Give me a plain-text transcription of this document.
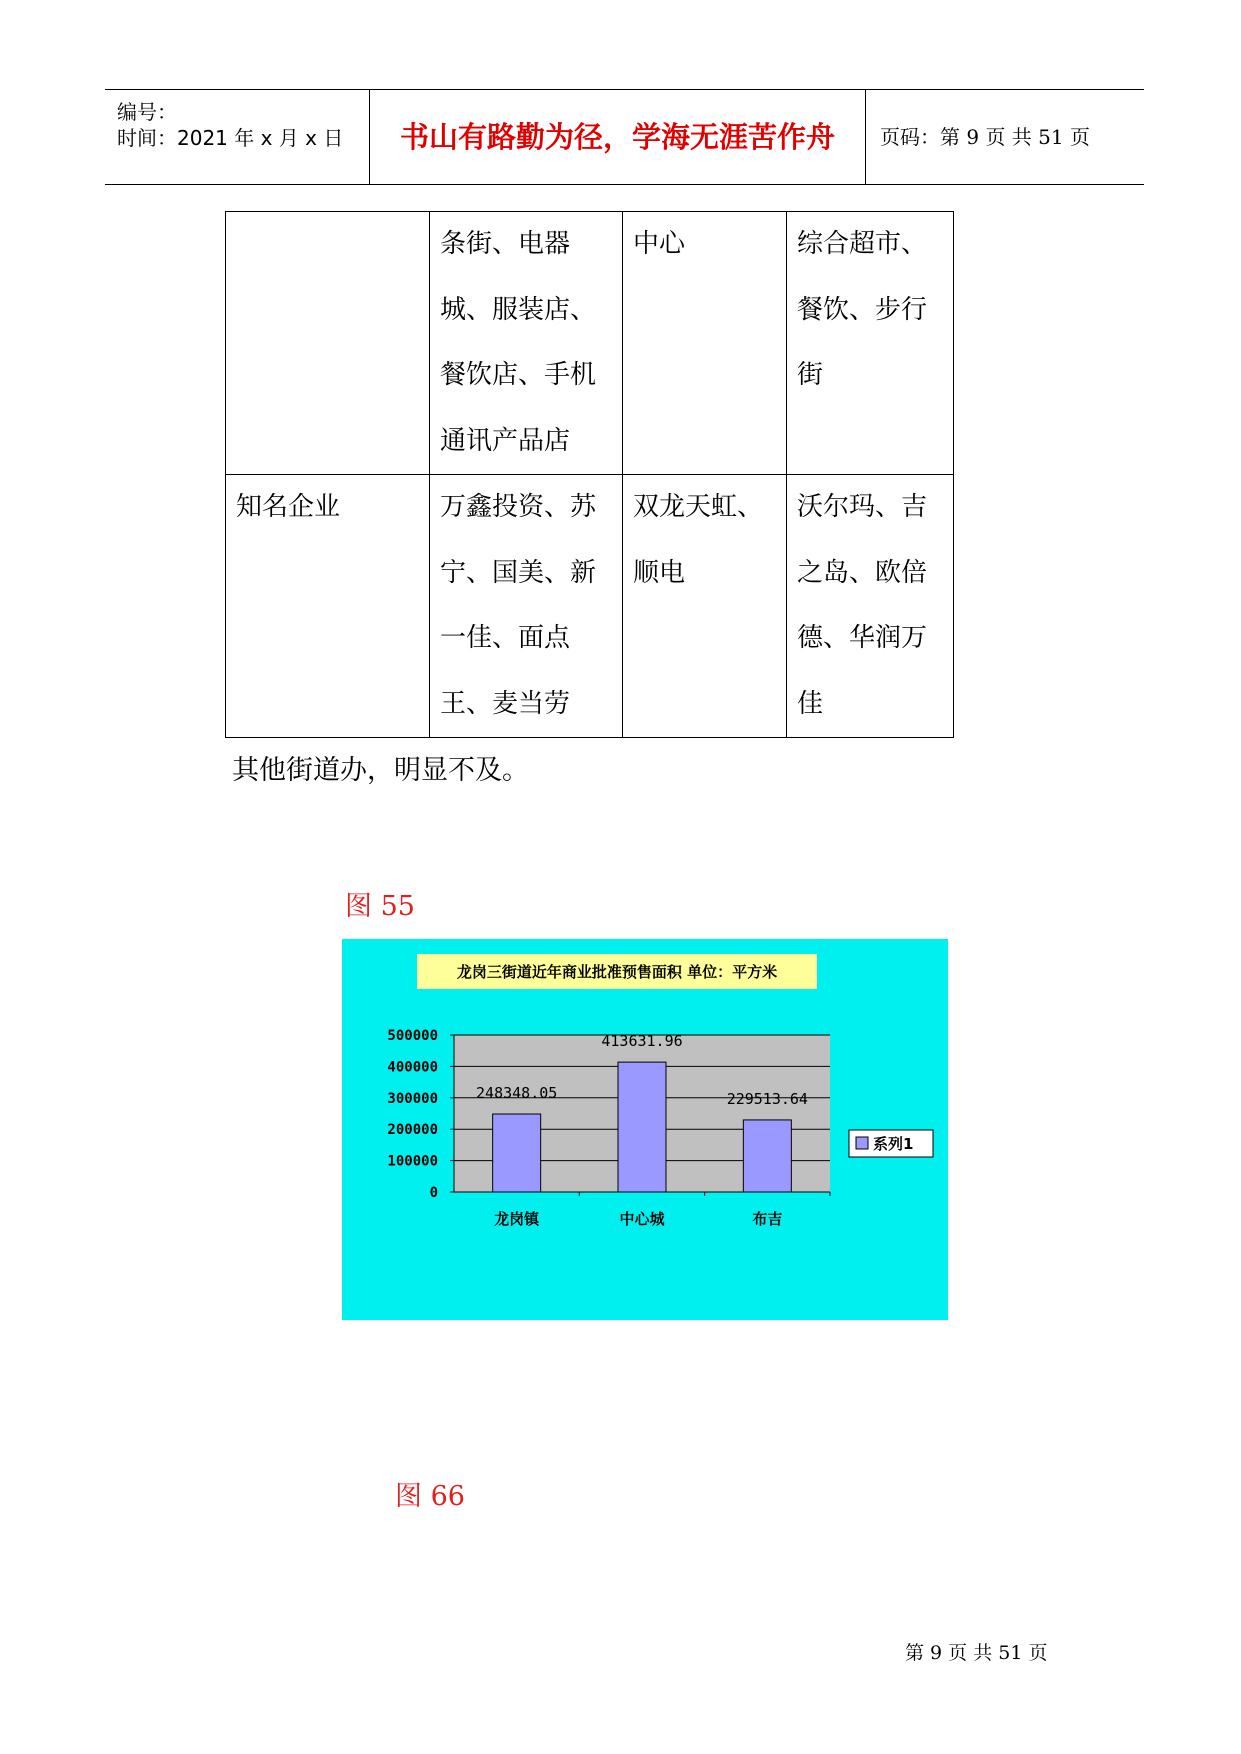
编号：
时间：2021 年 x 月 x 日	书山有路勤为径，学海无涯苦作舟	页码：第 9 页 共 51 页
	条街、电器城、服装店、餐饮店、手机通讯产品店	中心	综合超市、餐饮、步行街
知名企业	万鑫投资、苏宁、国美、新一佳、面点王、麦当劳	双龙天虹、顺电	沃尔玛、吉之岛、欧倍德、华润万佳
其他街道办，明显不及。
图 55
龙岗三街道近年商业批准预售面积 单位：平方米
0
100000
200000
300000
400000
500000
248348.05
龙岗镇
413631.96
中心城
229513.64
布吉
系列1
图 66
第 9 页 共 51 页
